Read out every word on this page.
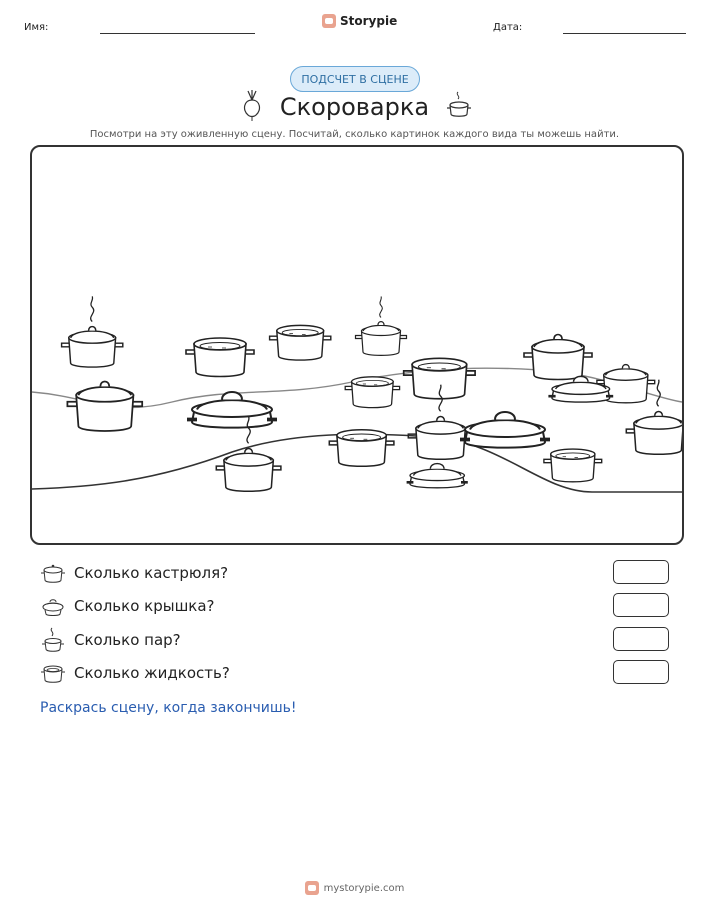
Имя:	Storypie	Дата:
ПОДСЧЕТ В СЦЕНЕ
Скороварка
Посмотри на эту оживленную сцену. Посчитай, сколько картинок каждого вида ты можешь найти.
Сколько кастрюля?
Сколько крышка?
Сколько пар?
Сколько жидкость?
Раскрась сцену, когда закончишь!
mystorypie.com
